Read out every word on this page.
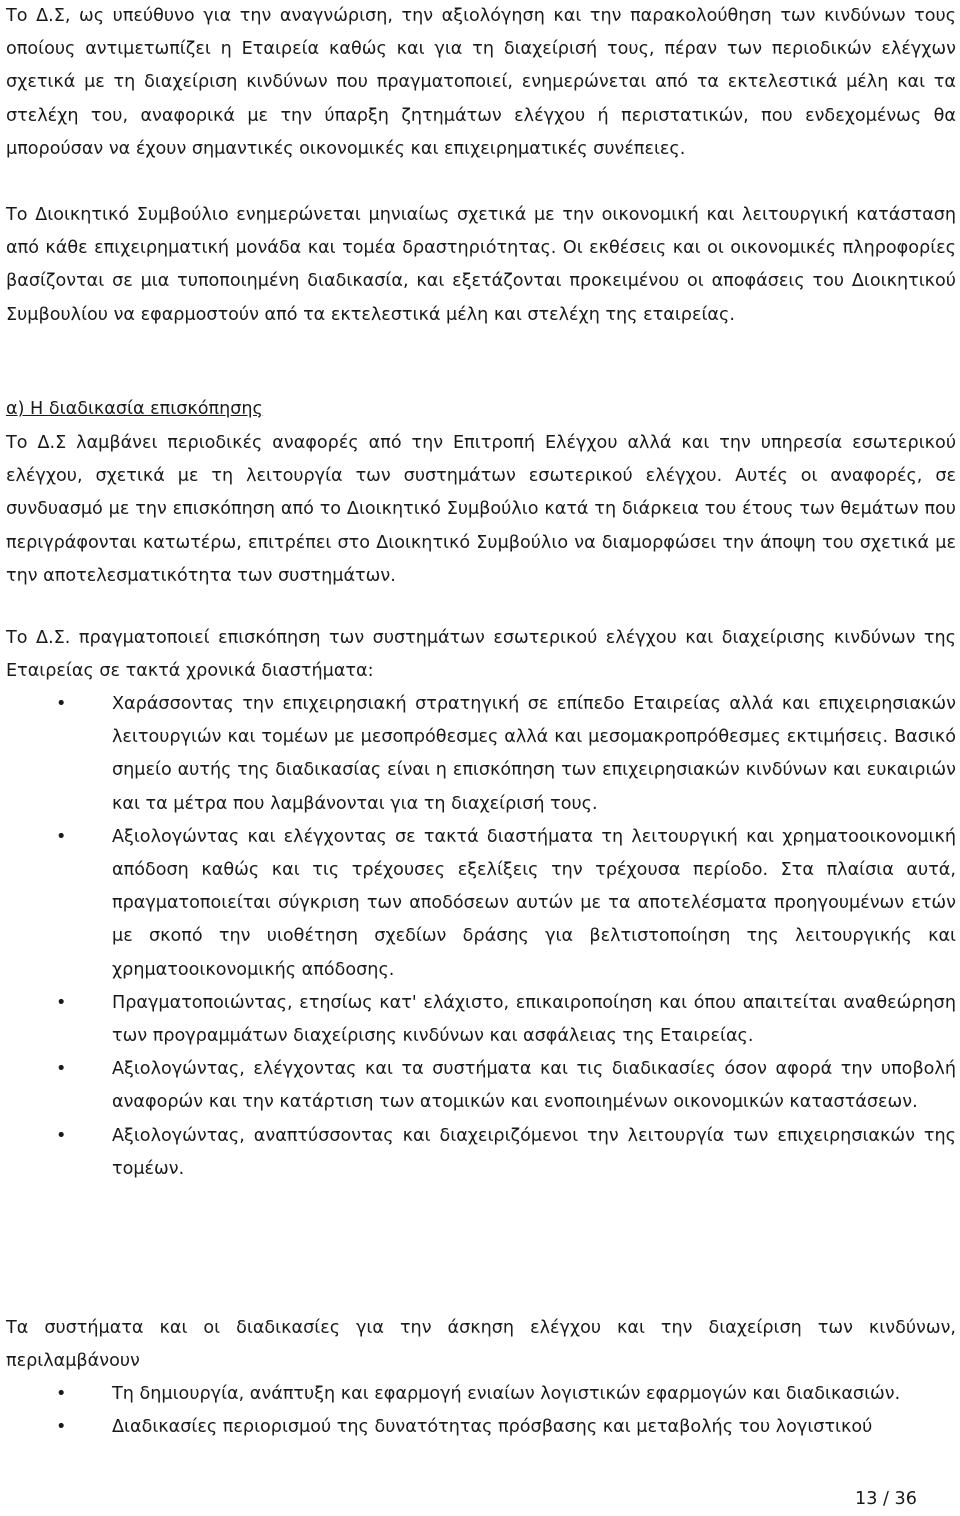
Το Δ.Σ, ως υπεύθυνο για την αναγνώριση, την αξιολόγηση και την παρακολούθηση των κινδύνων τους οποίους αντιμετωπίζει η Εταιρεία καθώς και για τη διαχείρισή τους, πέραν των περιοδικών ελέγχων σχετικά με τη διαχείριση κινδύνων που πραγματοποιεί, ενημερώνεται από τα εκτελεστικά μέλη και τα στελέχη του, αναφορικά με την ύπαρξη ζητημάτων ελέγχου ή περιστατικών, που ενδεχομένως θα μπορούσαν να έχουν σημαντικές οικονομικές και επιχειρηματικές συνέπειες.

Το Διοικητικό Συμβούλιο ενημερώνεται μηνιαίως σχετικά με την οικονομική και λειτουργική κατάσταση από κάθε επιχειρηματική μονάδα και τομέα δραστηριότητας. Οι εκθέσεις και οι οικονομικές πληροφορίες βασίζονται σε μια τυποποιημένη διαδικασία, και εξετάζονται προκειμένου οι αποφάσεις του Διοικητικού Συμβουλίου να εφαρμοστούν από τα εκτελεστικά μέλη και στελέχη της εταιρείας.

α) Η διαδικασία επισκόπησης

Το Δ.Σ λαμβάνει περιοδικές αναφορές από την Επιτροπή Ελέγχου αλλά και την υπηρεσία εσωτερικού ελέγχου, σχετικά με τη λειτουργία των συστημάτων εσωτερικού ελέγχου. Αυτές οι αναφορές, σε συνδυασμό με την επισκόπηση από το Διοικητικό Συμβούλιο κατά τη διάρκεια του έτους των θεμάτων που περιγράφονται κατωτέρω, επιτρέπει στο Διοικητικό Συμβούλιο να διαμορφώσει την άποψη του σχετικά με την αποτελεσματικότητα των συστημάτων.

Το Δ.Σ. πραγματοποιεί επισκόπηση των συστημάτων εσωτερικού ελέγχου και διαχείρισης κινδύνων της Εταιρείας σε τακτά χρονικά διαστήματα:

•	Χαράσσοντας την επιχειρησιακή στρατηγική σε επίπεδο Εταιρείας αλλά και επιχειρησιακών λειτουργιών και τομέων με μεσοπρόθεσμες αλλά και μεσομακροπρόθεσμες εκτιμήσεις. Βασικό σημείο αυτής της διαδικασίας είναι η επισκόπηση των επιχειρησιακών κινδύνων και ευκαιριών και τα μέτρα που λαμβάνονται για τη διαχείρισή τους.
•	Αξιολογώντας και ελέγχοντας σε τακτά διαστήματα τη λειτουργική και χρηματοοικονομική απόδοση καθώς και τις τρέχουσες εξελίξεις την τρέχουσα περίοδο. Στα πλαίσια αυτά, πραγματοποιείται σύγκριση των αποδόσεων αυτών με τα αποτελέσματα προηγουμένων ετών με σκοπό την υιοθέτηση σχεδίων δράσης για βελτιστοποίηση της λειτουργικής και χρηματοοικονομικής απόδοσης.
•	Πραγματοποιώντας, ετησίως κατ' ελάχιστο, επικαιροποίηση και όπου απαιτείται αναθεώρηση των προγραμμάτων διαχείρισης κινδύνων και ασφάλειας της Εταιρείας.
•	Αξιολογώντας, ελέγχοντας και τα συστήματα και τις διαδικασίες όσον αφορά την υποβολή αναφορών και την κατάρτιση των ατομικών και ενοποιημένων οικονομικών καταστάσεων.
•	Αξιολογώντας, αναπτύσσοντας και διαχειριζόμενοι την λειτουργία των επιχειρησιακών της τομέων.

Τα συστήματα και οι διαδικασίες για την άσκηση ελέγχου και την διαχείριση των κινδύνων, περιλαμβάνουν

•	Τη δημιουργία, ανάπτυξη και εφαρμογή ενιαίων λογιστικών εφαρμογών και διαδικασιών.
•	Διαδικασίες περιορισμού της δυνατότητας πρόσβασης και μεταβολής του λογιστικού
13 / 36
